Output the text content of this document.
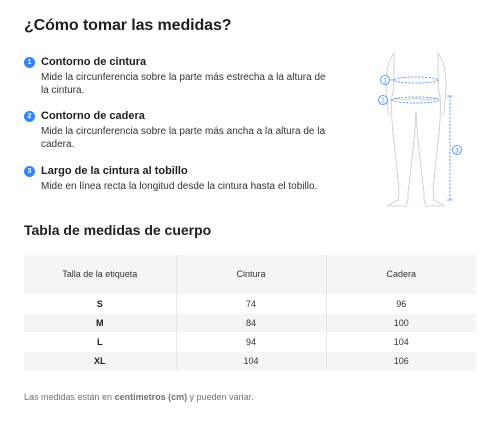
¿Cómo tomar las medidas?
1 Contorno de cintura
Mide la circunferencia sobre la parte más estrecha a la altura de la cintura.
2 Contorno de cadera
Mide la circunferencia sobre la parte más ancha a la altura de la cadera.
3 Largo de la cintura al tobillo
Mide en línea recta la longitud desde la cintura hasta el tobillo.
1
2
3
Tabla de medidas de cuerpo
Talla de la etiqueta	Cintura	Cadera
S	74	96
M	84	100
L	94	104
XL	104	106
Las medidas están en centímetros (cm) y pueden variar.
